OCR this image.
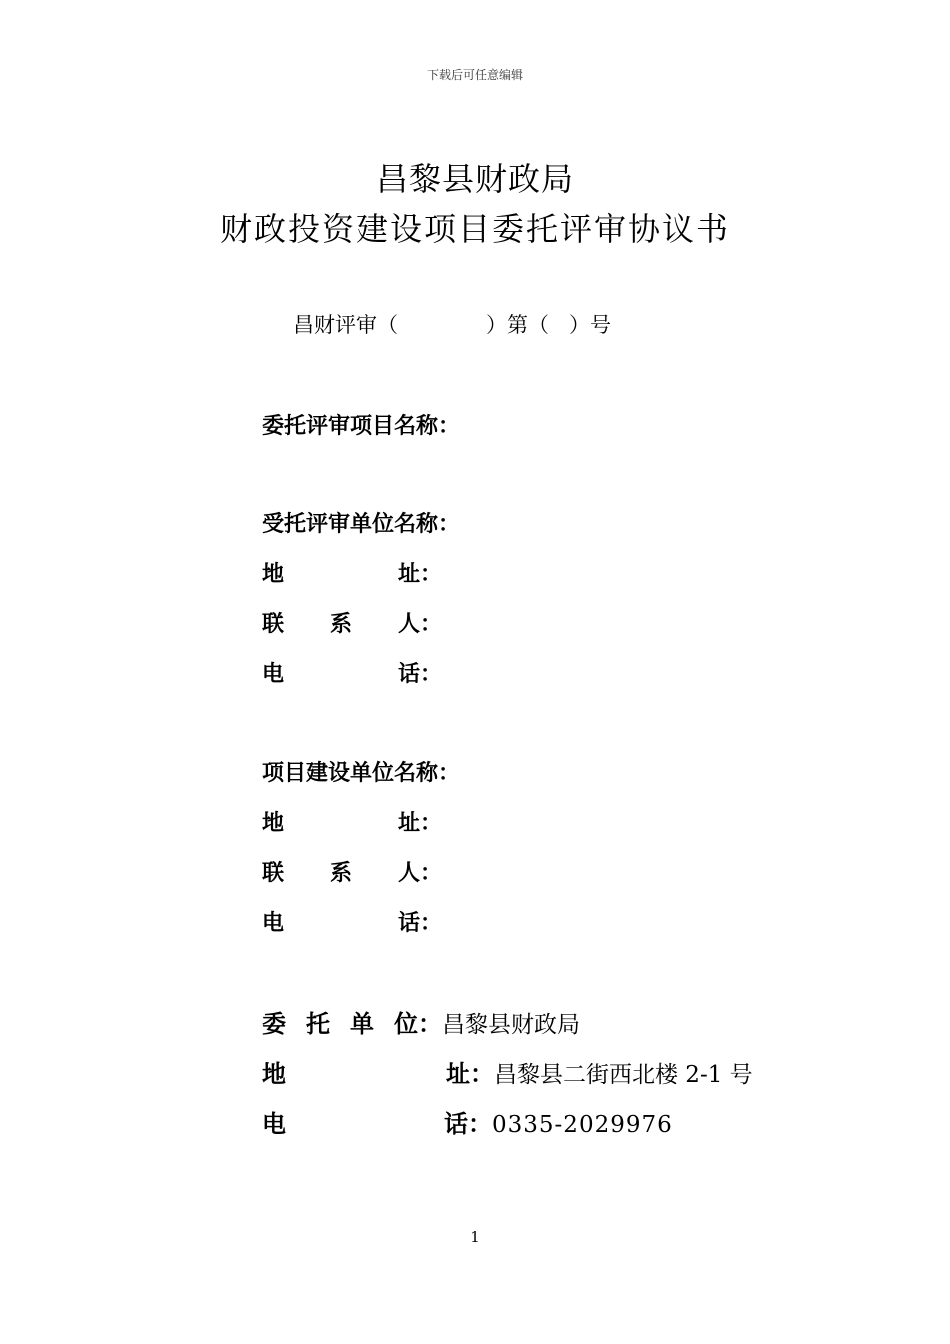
下载后可任意编辑
昌黎县财政局
财政投资建设项目委托评审协议书
昌财评审（	）第（ ）号
委托评审项目名称：
受托评审单位名称：
地	址：
联 系 人：
电	话：
项目建设单位名称：
地	址：
联 系 人：
电	话：
委 托 单 位： 昌黎县财政局
地	址： 昌黎县二街西北楼 2-1 号
电	话： 0335-2029976
1
